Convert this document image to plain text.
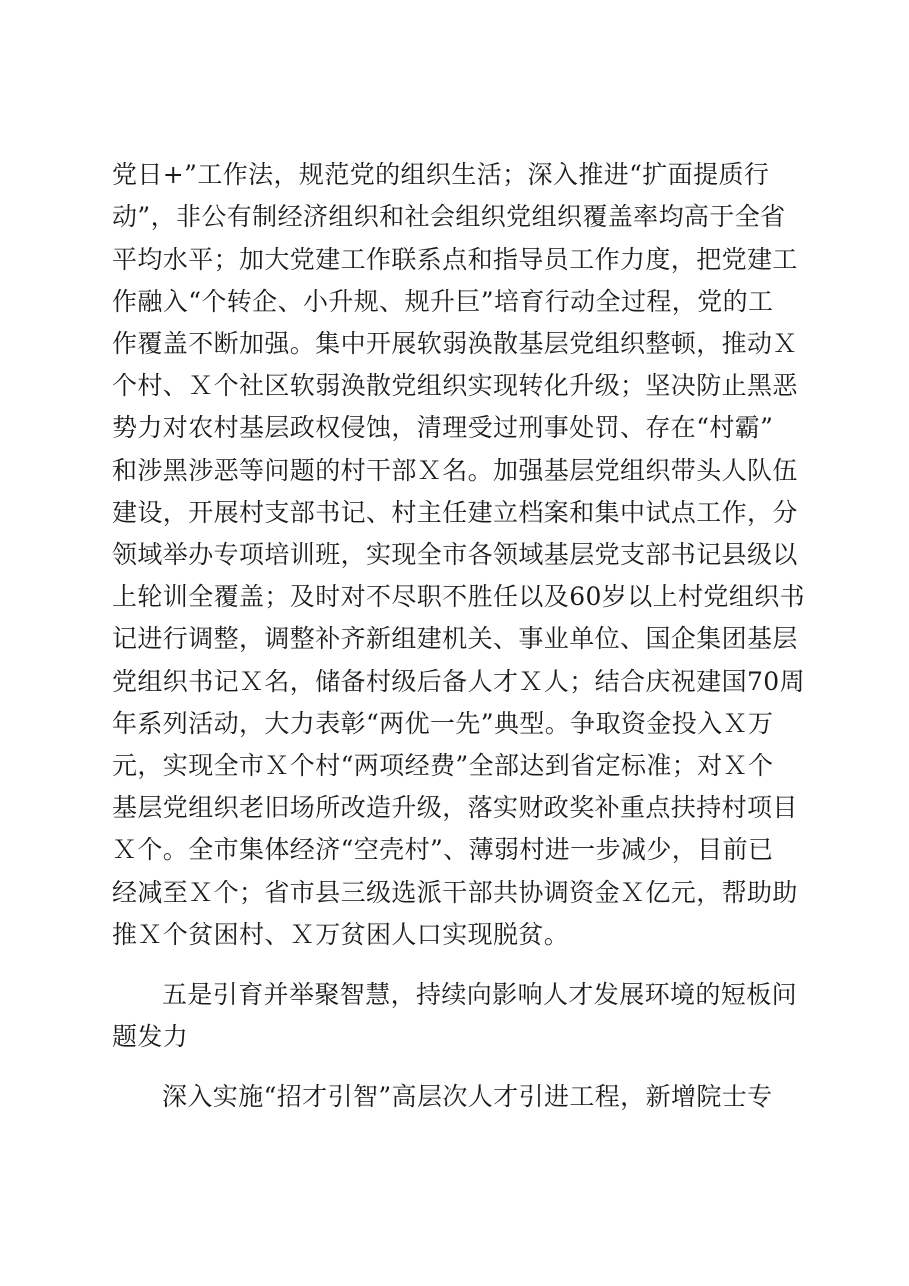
党日+”工作法，规范党的组织生活；深入推进“扩面提质行
动”，非公有制经济组织和社会组织党组织覆盖率均高于全省
平均水平；加大党建工作联系点和指导员工作力度，把党建工
作融入“个转企、小升规、规升巨”培育行动全过程，党的工
作覆盖不断加强。集中开展软弱涣散基层党组织整顿，推动Ｘ
个村、Ｘ个社区软弱涣散党组织实现转化升级；坚决防止黑恶
势力对农村基层政权侵蚀，清理受过刑事处罚、存在“村霸”
和涉黑涉恶等问题的村干部Ｘ名。加强基层党组织带头人队伍
建设，开展村支部书记、村主任建立档案和集中试点工作，分
领域举办专项培训班，实现全市各领域基层党支部书记县级以
上轮训全覆盖；及时对不尽职不胜任以及60岁以上村党组织书
记进行调整，调整补齐新组建机关、事业单位、国企集团基层
党组织书记Ｘ名，储备村级后备人才Ｘ人；结合庆祝建国70周
年系列活动，大力表彰“两优一先”典型。争取资金投入Ｘ万
元，实现全市Ｘ个村“两项经费”全部达到省定标准；对Ｘ个
基层党组织老旧场所改造升级，落实财政奖补重点扶持村项目
Ｘ个。全市集体经济“空壳村”、薄弱村进一步减少，目前已
经减至Ｘ个；省市县三级选派干部共协调资金Ｘ亿元，帮助助
推Ｘ个贫困村、Ｘ万贫困人口实现脱贫。
五是引育并举聚智慧，持续向影响人才发展环境的短板问
题发力
深入实施“招才引智”高层次人才引进工程，新增院士专
